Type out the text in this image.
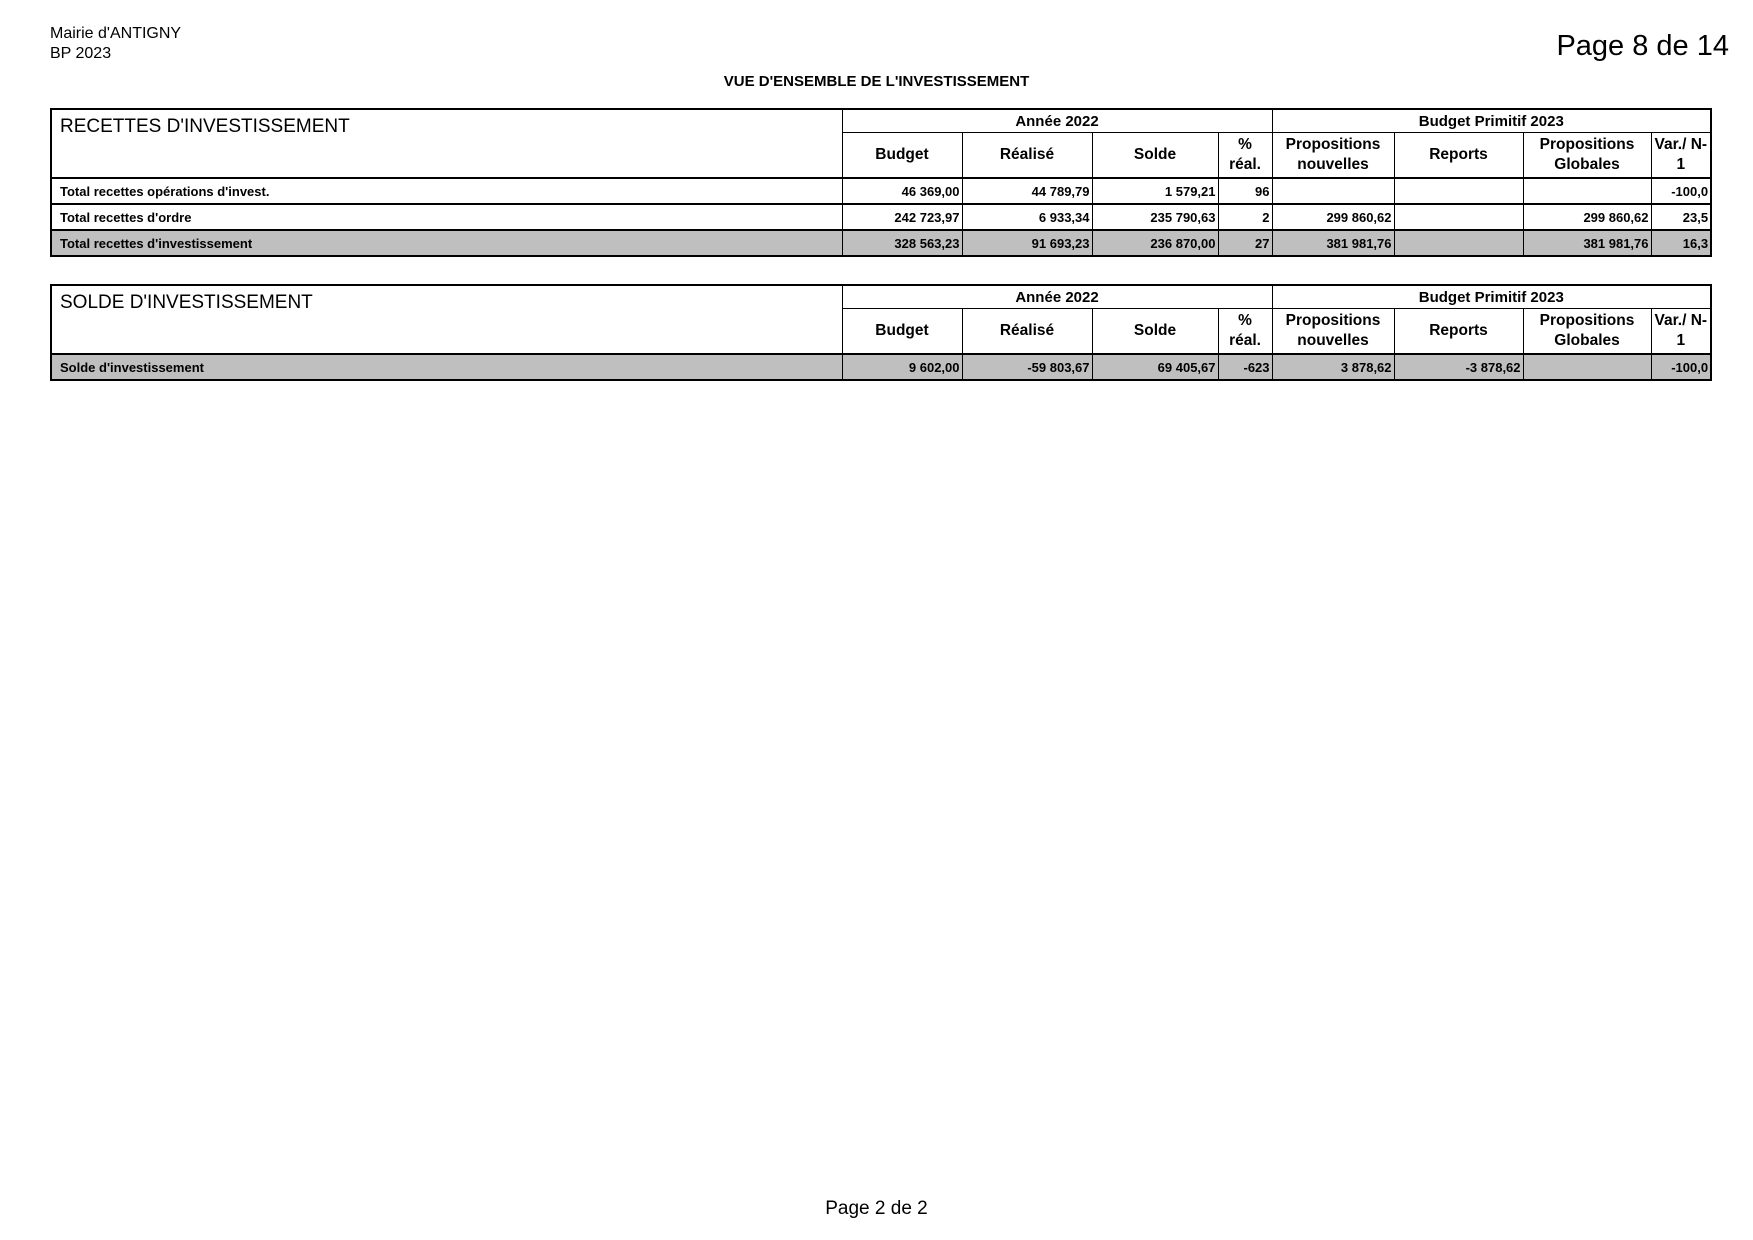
Mairie d'ANTIGNY
BP 2023	Page 8 de 14
VUE D'ENSEMBLE DE L'INVESTISSEMENT
RECETTES D'INVESTISSEMENT	Année 2022				Budget Primitif 2023			
	Budget	Réalisé	Solde	% réal.	Propositions nouvelles	Reports	Propositions Globales	Var./ N-1
Total recettes opérations d'invest.	46 369,00	44 789,79	1 579,21	96				-100,0
Total recettes d'ordre	242 723,97	6 933,34	235 790,63	2	299 860,62		299 860,62	23,5
Total recettes d'investissement	328 563,23	91 693,23	236 870,00	27	381 981,76		381 981,76	16,3
SOLDE D'INVESTISSEMENT	Année 2022				Budget Primitif 2023			
	Budget	Réalisé	Solde	% réal.	Propositions nouvelles	Reports	Propositions Globales	Var./ N-1
Solde d'investissement	9 602,00	-59 803,67	69 405,67	-623	3 878,62	-3 878,62		-100,0
Page 2 de 2
